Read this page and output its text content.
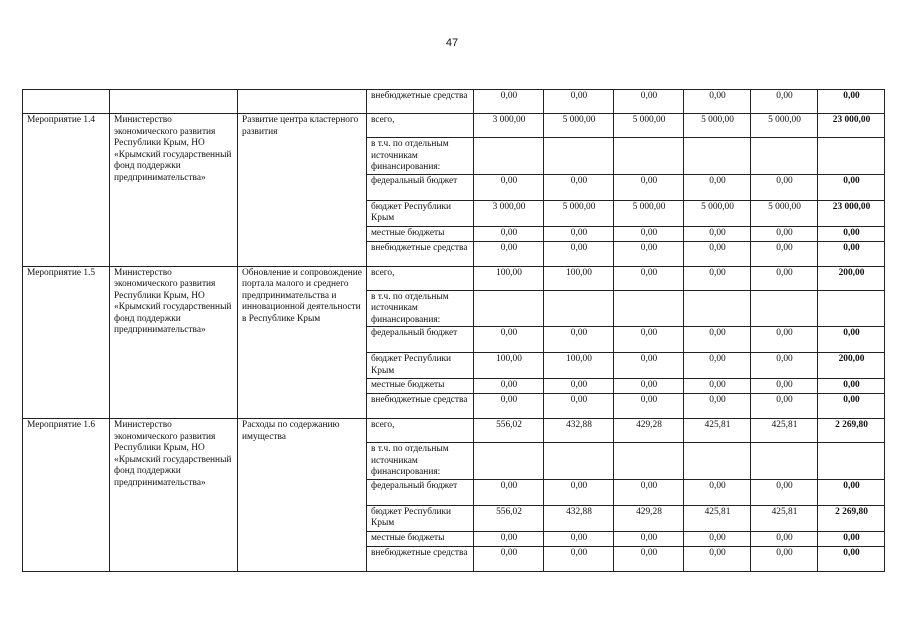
47
			внебюджетные средства	0,00	0,00	0,00	0,00	0,00	0,00
Мероприятие 1.4	Министерство экономического развития Республики Крым, НО «Крымский государственный фонд поддержки предпринимательства»	Развитие центра кластерного развития	всего,	3 000,00	5 000,00	5 000,00	5 000,00	5 000,00	23 000,00
			в т.ч. по отдельным источникам финансирования:						
			федеральный бюджет	0,00	0,00	0,00	0,00	0,00	0,00
			бюджет Республики Крым	3 000,00	5 000,00	5 000,00	5 000,00	5 000,00	23 000,00
			местные бюджеты	0,00	0,00	0,00	0,00	0,00	0,00
			внебюджетные средства	0,00	0,00	0,00	0,00	0,00	0,00
Мероприятие 1.5	Министерство экономического развития Республики Крым, НО «Крымский государственный фонд поддержки предпринимательства»	Обновление и сопровождение портала малого и среднего предпринимательства и инновационной деятельности в Республике Крым	всего,	100,00	100,00	0,00	0,00	0,00	200,00
			в т.ч. по отдельным источникам финансирования:						
			федеральный бюджет	0,00	0,00	0,00	0,00	0,00	0,00
			бюджет Республики Крым	100,00	100,00	0,00	0,00	0,00	200,00
			местные бюджеты	0,00	0,00	0,00	0,00	0,00	0,00
			внебюджетные средства	0,00	0,00	0,00	0,00	0,00	0,00
Мероприятие 1.6	Министерство экономического развития Республики Крым, НО «Крымский государственный фонд поддержки предпринимательства»	Расходы по содержанию имущества	всего,	556,02	432,88	429,28	425,81	425,81	2 269,80
			в т.ч. по отдельным источникам финансирования:						
			федеральный бюджет	0,00	0,00	0,00	0,00	0,00	0,00
			бюджет Республики Крым	556,02	432,88	429,28	425,81	425,81	2 269,80
			местные бюджеты	0,00	0,00	0,00	0,00	0,00	0,00
			внебюджетные средства	0,00	0,00	0,00	0,00	0,00	0,00
